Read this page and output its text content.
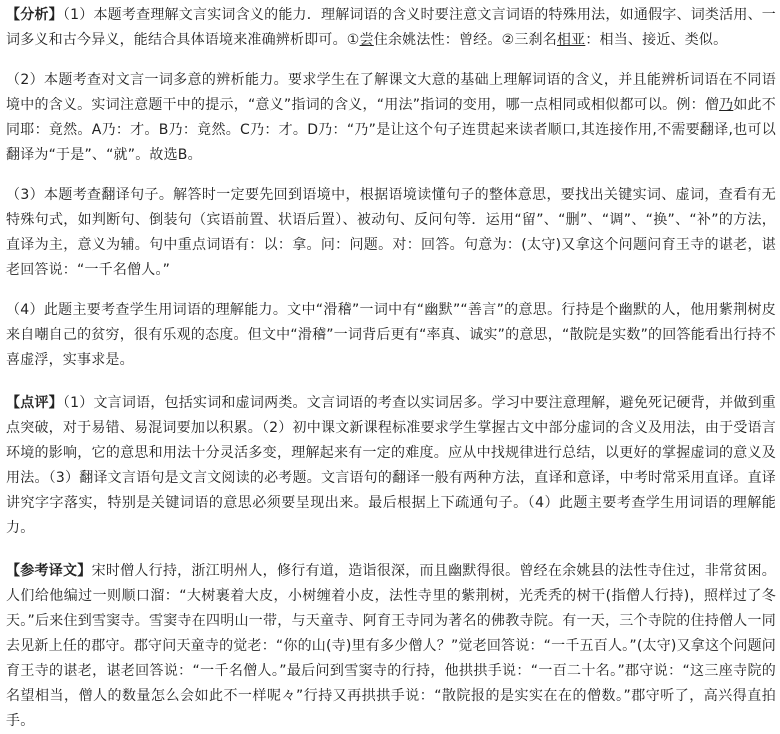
【分析】（1）本题考查理解文言实词含义的能力．理解词语的含义时要注意文言词语的特殊用法，如通假字、词类活用、一词多义和古今异义，能结合具体语境来准确辨析即可。①尝住余姚法性：曾经。②三刹名相亚：相当、接近、类似。

（2）本题考查对文言一词多意的辨析能力。要求学生在了解课文大意的基础上理解词语的含义，并且能辨析词语在不同语境中的含义。实词注意题干中的提示，“意义”指词的含义，“用法”指词的变用，哪一点相同或相似都可以。例：僧乃如此不同耶：竟然。A乃：才。B乃：竟然。C乃：才。D乃：“乃”是让这个句子连贯起来读者顺口,其连接作用,不需要翻译,也可以翻译为“于是”、“就”。故选B。

（3）本题考查翻译句子。解答时一定要先回到语境中，根据语境读懂句子的整体意思，要找出关键实词、虚词，查看有无特殊句式，如判断句、倒装句（宾语前置、状语后置）、被动句、反问句等．运用“留”、“删”、“调”、“换”、“补”的方法，直译为主，意义为辅。句中重点词语有：以：拿。问：问题。对：回答。句意为：(太守)又拿这个问题问育王寺的谌老，谌老回答说：“一千名僧人。”

（4）此题主要考查学生用词语的理解能力。文中“滑稽”一词中有“幽默”“善言”的意思。行持是个幽默的人，他用紫荆树皮来自嘲自己的贫穷，很有乐观的态度。但文中“滑稽”一词背后更有“率真、诚实”的意思，“散院是实数”的回答能看出行持不喜虚浮，实事求是。

【点评】（1）文言词语，包括实词和虚词两类。文言词语的考查以实词居多。学习中要注意理解，避免死记硬背，并做到重点突破，对于易错、易混词要加以积累。（2）初中课文新课程标准要求学生掌握古文中部分虚词的含义及用法，由于受语言环境的影响，它的意思和用法十分灵活多变，理解起来有一定的难度。应从中找规律进行总结，以更好的掌握虚词的意义及用法。（3）翻译文言语句是文言文阅读的必考题。文言语句的翻译一般有两种方法，直译和意译，中考时常采用直译。直译讲究字字落实，特别是关键词语的意思必须要呈现出来。最后根据上下疏通句子。（4）此题主要考查学生用词语的理解能力。

【参考译文】宋时僧人行持，浙江明州人，修行有道，造诣很深，而且幽默得很。曾经在余姚县的法性寺住过，非常贫困。人们给他编过一则顺口溜：“大树裹着大皮，小树缠着小皮，法性寺里的紫荆树，光秃秃的树干(指僧人行持)，照样过了冬天。”后来住到雪窦寺。雪窦寺在四明山一带，与天童寺、阿育王寺同为著名的佛教寺院。有一天，三个寺院的住持僧人一同去见新上任的郡守。郡守问天童寺的觉老：“你的山(寺)里有多少僧人？”觉老回答说：“一千五百人。”(太守)又拿这个问题问育王寺的谌老，谌老回答说：“一千名僧人。”最后问到雪窦寺的行持，他拱拱手说：“一百二十名。”郡守说：“这三座寺院的名望相当，僧人的数量怎么会如此不一样呢々”行持又再拱拱手说：“散院报的是实实在在的僧数。”郡守听了，高兴得直拍手。
